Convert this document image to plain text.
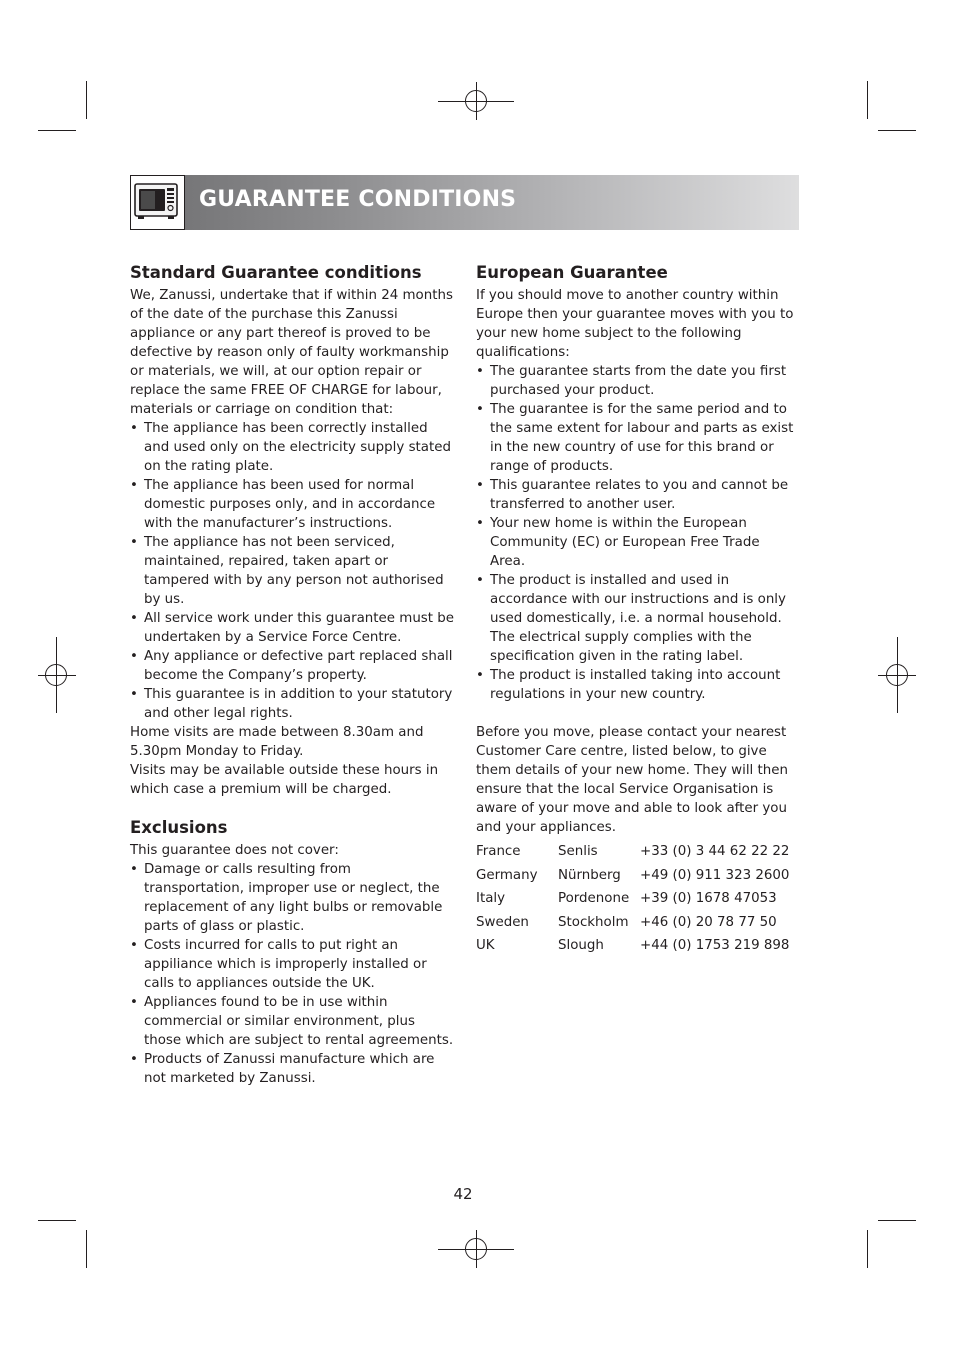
GUARANTEE CONDITIONS
Standard Guarantee conditions

We, Zanussi, undertake that if within 24 months of the date of the purchase this Zanussi appliance or any part thereof is proved to be defective by reason only of faulty workmanship or materials, we will, at our option repair or replace the same FREE OF CHARGE for labour, materials or carriage on condition that:

• The appliance has been correctly installed and used only on the electricity supply stated on the rating plate.
• The appliance has been used for normal domestic purposes only, and in accordance with the manufacturer’s instructions.
• The appliance has not been serviced, maintained, repaired, taken apart or tampered with by any person not authorised by us.
• All service work under this guarantee must be undertaken by a Service Force Centre.
• Any appliance or defective part replaced shall become the Company’s property.
• This guarantee is in addition to your statutory and other legal rights.

Home visits are made between 8.30am and 5.30pm Monday to Friday.

Visits may be available outside these hours in which case a premium will be charged.

Exclusions

This guarantee does not cover:

• Damage or calls resulting from transportation, improper use or neglect, the replacement of any light bulbs or removable parts of glass or plastic.
• Costs incurred for calls to put right an appiliance which is improperly installed or calls to appliances outside the UK.
• Appliances found to be in use within commercial or similar environment, plus those which are subject to rental agreements.
• Products of Zanussi manufacture which are not marketed by Zanussi.
European Guarantee

If you should move to another country within Europe then your guarantee moves with you to your new home subject to the following qualifications:

• The guarantee starts from the date you first purchased your product.
• The guarantee is for the same period and to the same extent for labour and parts as exist in the new country of use for this brand or range of products.
• This guarantee relates to you and cannot be transferred to another user.
• Your new home is within the European Community (EC) or European Free Trade Area.
• The product is installed and used in accordance with our instructions and is only used domestically, i.e. a normal household.
The electrical supply complies with the specification given in the rating label.
• The product is installed taking into account regulations in your new country.

Before you move, please contact your nearest Customer Care centre, listed below, to give them details of your new home. They will then ensure that the local Service Organisation is aware of your move and able to look after you and your appliances.

France	Senlis	+33 (0) 3 44 62 22 22
Germany	Nürnberg	+49 (0) 911 323 2600
Italy	Pordenone	+39 (0) 1678 47053
Sweden	Stockholm	+46 (0) 20 78 77 50
UK	Slough	+44 (0) 1753 219 898
42
